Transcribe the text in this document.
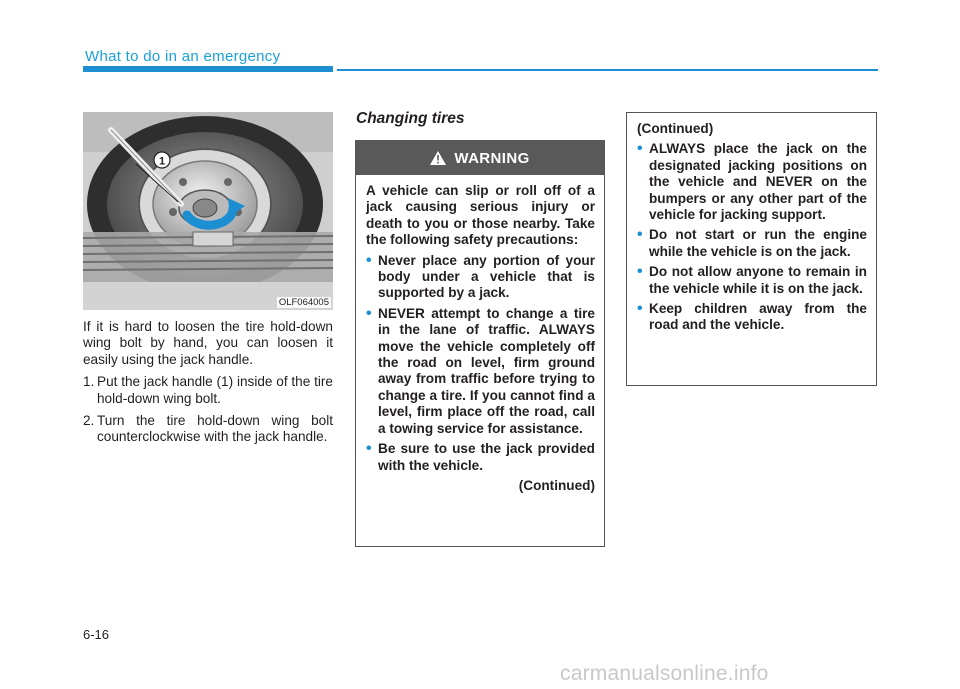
What to do in an emergency
1
OLF064005

If it is hard to loosen the tire hold-down wing bolt by hand, you can loosen it easily using the jack handle.

1. Put the jack handle (1) inside of the tire hold-down wing bolt.
2. Turn the tire hold-down wing bolt counterclockwise with the jack handle.
Changing tires
WARNING

A vehicle can slip or roll off of a jack causing serious injury or death to you or those nearby. Take the following safety precautions:

• Never place any portion of your body under a vehicle that is supported by a jack.
• NEVER attempt to change a tire in the lane of traffic. ALWAYS move the vehicle completely off the road on level, firm ground away from traffic before trying to change a tire. If you cannot find a level, firm place off the road, call a towing service for assistance.
• Be sure to use the jack provided with the vehicle.
(Continued)
(Continued)
• ALWAYS place the jack on the designated jacking positions on the vehicle and NEVER on the bumpers or any other part of the vehicle for jacking support.
• Do not start or run the engine while the vehicle is on the jack.
• Do not allow anyone to remain in the vehicle while it is on the jack.
• Keep children away from the road and the vehicle.
6-16
carmanualsonline.info
